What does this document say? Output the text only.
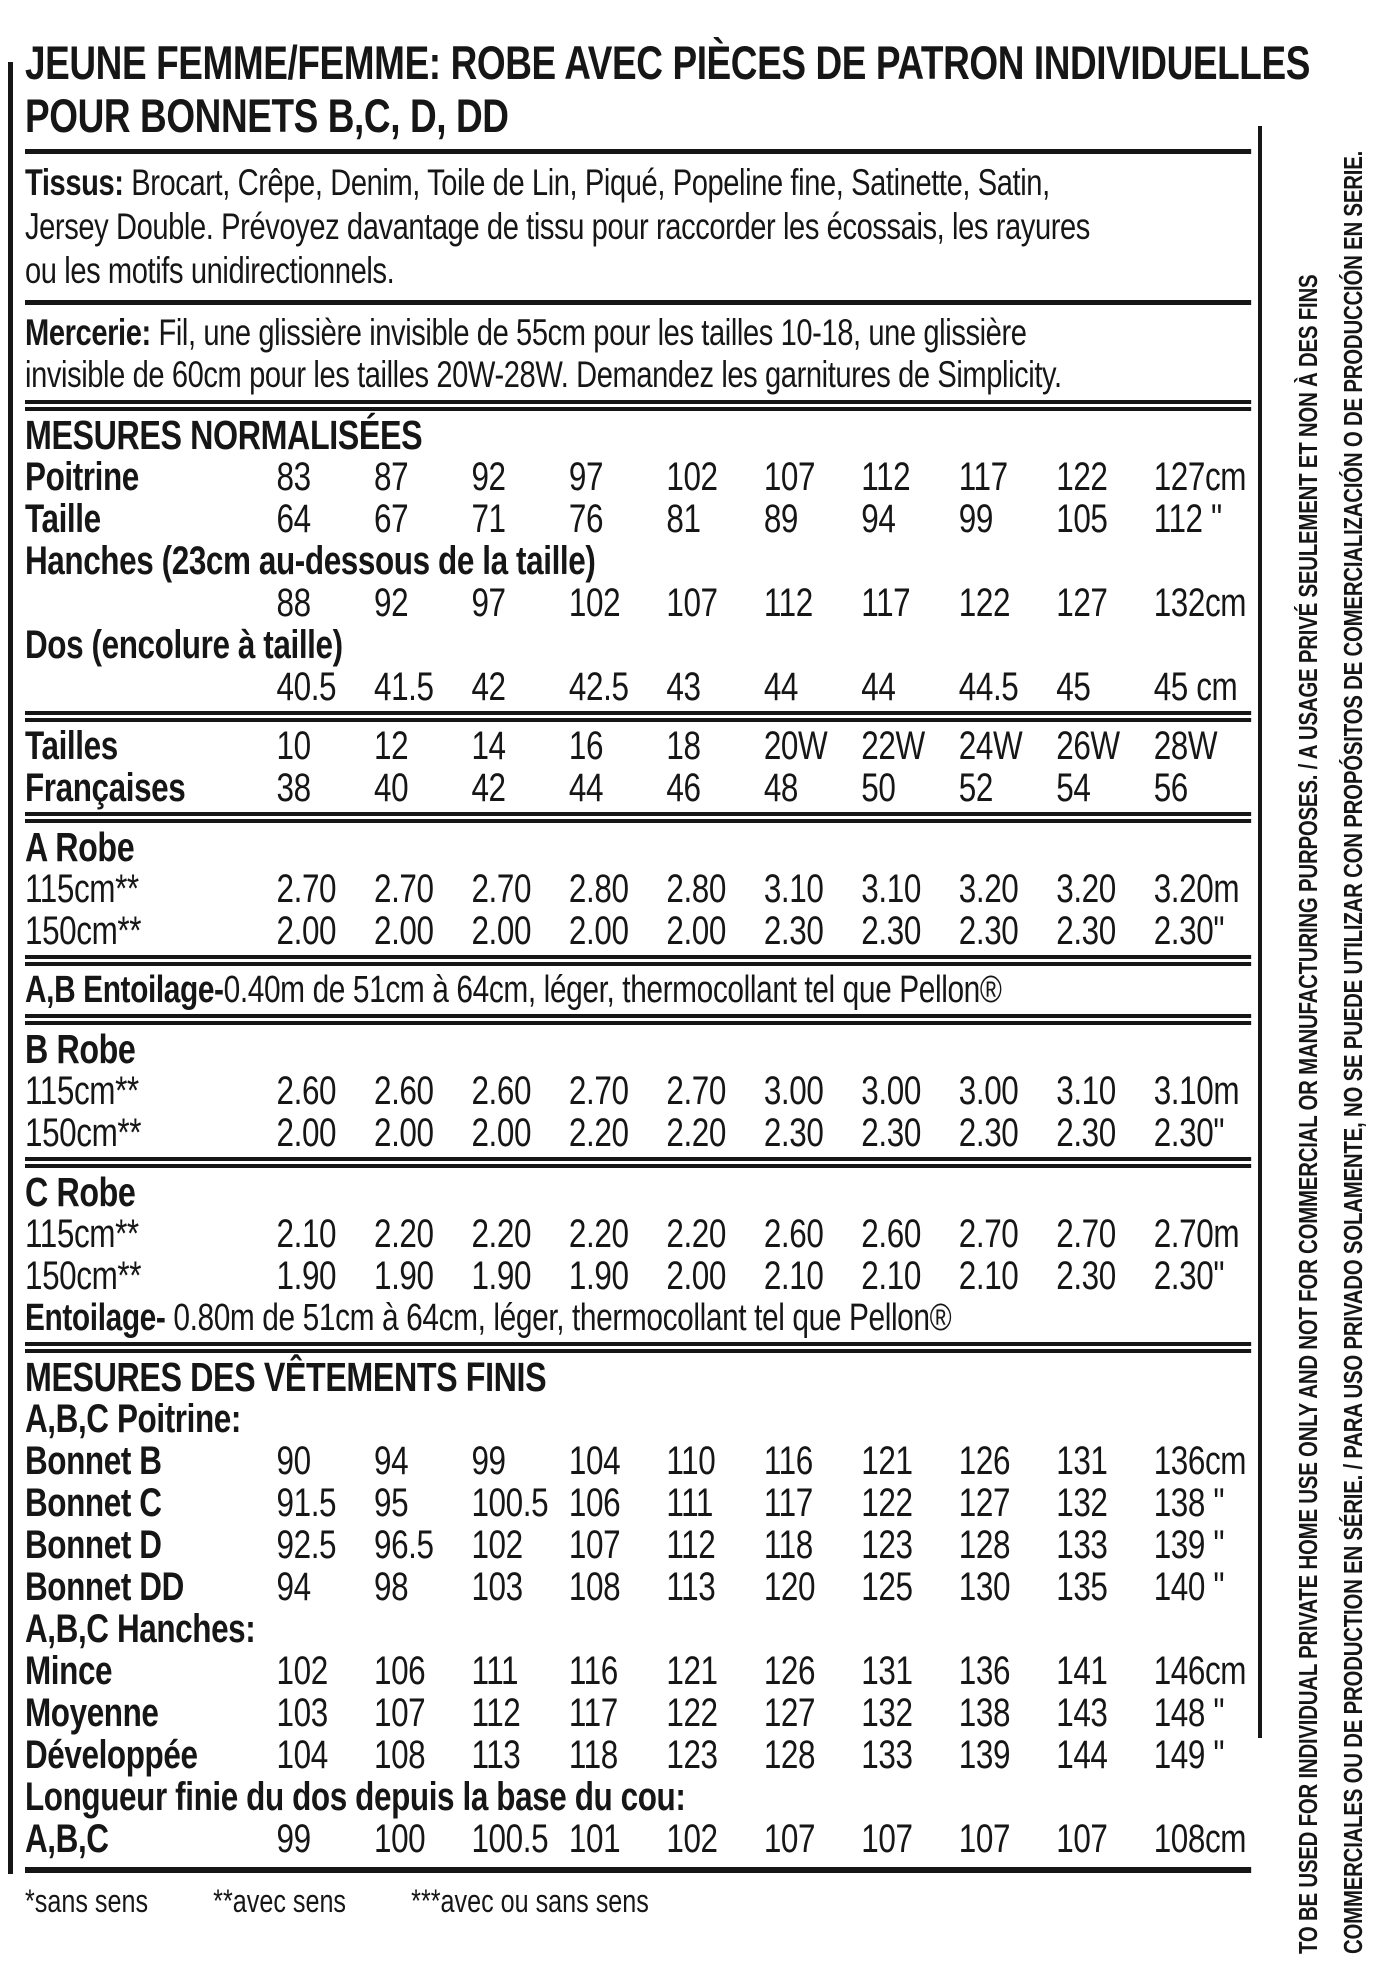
JEUNE FEMME/FEMME: ROBE AVEC PIÈCES DE PATRON INDIVIDUELLES
POUR BONNETS B,C, D, DD
Tissus: Brocart, Crêpe, Denim, Toile de Lin, Piqué, Popeline fine, Satinette, Satin,
Jersey Double. Prévoyez davantage de tissu pour raccorder les écossais, les rayures
ou les motifs unidirectionnels.
Mercerie: Fil, une glissière invisible de 55cm pour les tailles 10-18, une glissière
invisible de 60cm pour les tailles 20W-28W. Demandez les garnitures de Simplicity.
MESURES NORMALISÉES
Poitrine	83	87	92	97	102	107	112	117	122	127cm
Taille	64	67	71	76	81	89	94	99	105	112 "
Hanches (23cm au-dessous de la taille)
88	92	97	102	107	112	117	122	127	132cm
Dos (encolure à taille)
40.5 41.5 42	42.5 43	44	44	44.5 45	45 cm
Tailles	10	12	14	16	18	20W 22W 24W 26W 28W
Françaises	38	40	42	44	46	48	50	52	54	56
A Robe
115cm**	2.70 2.70 2.70 2.80 2.80 3.10 3.10 3.20 3.20 3.20m
150cm**	2.00 2.00 2.00 2.00 2.00 2.30 2.30 2.30 2.30 2.30"
A,B Entoilage-0.40m de 51cm à 64cm, léger, thermocollant tel que Pellon®
B Robe
115cm**	2.60 2.60 2.60 2.70 2.70 3.00 3.00 3.00 3.10 3.10m
150cm**	2.00 2.00 2.00 2.20 2.20 2.30 2.30 2.30 2.30 2.30"
C Robe
115cm**	2.10 2.20 2.20 2.20 2.20 2.60 2.60 2.70 2.70 2.70m
150cm**	1.90 1.90 1.90 1.90 2.00 2.10 2.10 2.10 2.30 2.30"
Entoilage- 0.80m de 51cm à 64cm, léger, thermocollant tel que Pellon®
MESURES DES VÊTEMENTS FINIS
A,B,C Poitrine:
Bonnet B	90	94	99	104	110	116	121	126	131	136cm
Bonnet C	91.5 95	100.5 106	111	117	122	127	132	138 "
Bonnet D	92.5 96.5 102	107	112	118	123	128	133	139 "
Bonnet DD	94	98	103	108	113	120	125	130	135	140 "
A,B,C Hanches:
Mince	102	106	111	116	121	126	131	136	141	146cm
Moyenne	103	107	112	117	122	127	132	138	143	148 "
Développée	104	108	113	118	123	128	133	139	144	149 "
Longueur finie du dos depuis la base du cou:
A,B,C	99	100	100.5 101	102	107	107	107	107	108cm
*sans sens **avec sens ***avec ou sans sens	TO BE USED FOR INDIVIDUAL PRIVATE HOME USE ONLY AND NOT FOR COMMERCIAL OR MANUFACTURING PURPOSES. / A USAGE PRIVÉ SEULEMENT ET NON À DES FINS COMMERCIALES OU DE PRODUCTION EN SÉRIE. / PARA USO PRIVADO SOLAMENTE, NO SE PUEDE UTILIZAR CON PROPÓSITOS DE COMERCIALIZACIÓN O DE PRODUCCIÓN EN SERIE.
